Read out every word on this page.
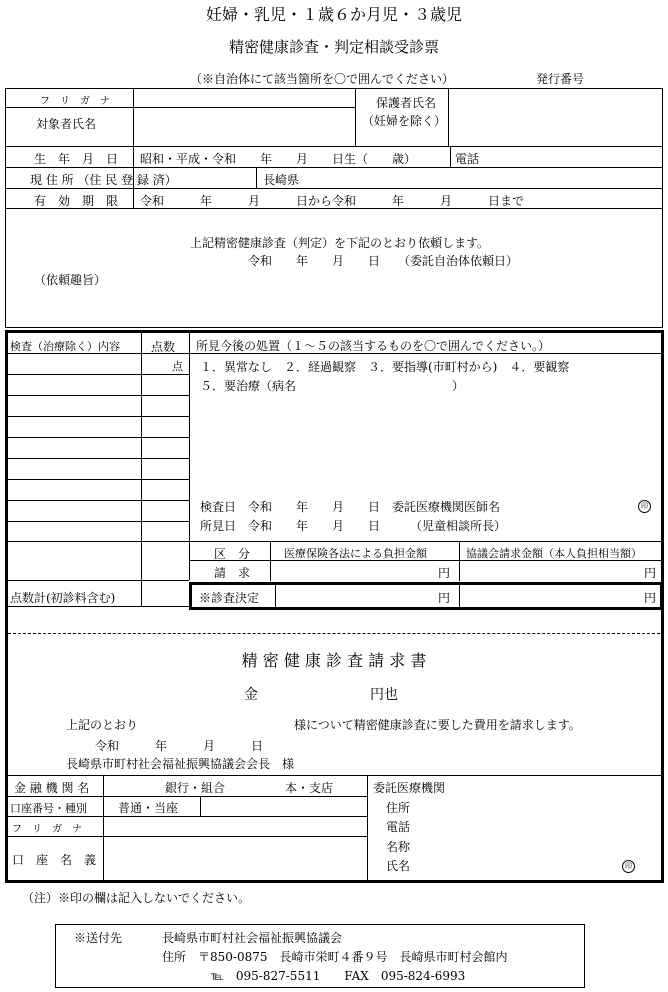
妊婦・乳児・１歳６か月児・３歳児
精密健康診査・判定相談受診票
（※自治体にて該当箇所を〇で囲んでください）	発行番号
フ　リ　ガ　ナ
対象者氏名
保護者氏名
（妊婦を除く）
生　年　月　日 昭和・平成・令和　　年　　月　　日生（　　歳）	電話
現 住 所 （住 民 登 録 済）	長崎県
有　効　期　限 令和　　　年　　　月　　　日から令和　　　年　　　月　　　日まで
上記精密健康診査（判定）を下記のとおり依頼します。
令和　　年　　月　　日　　（委託自治体依頼日）
（依頼趣旨）
検査（治療除く）内容	点数 所見今後の処置（１～５の該当するものを〇で囲んでください。）
点 １．異常なし　２．経過観察　３．要指導(市町村から)　４．要観察
５．要治療（病名　　　　　　　　　　　　　）
検査日　令和　　年　　月　　日　委託医療機関医師名	印
所見日　令和　　年　　月　　日　　　（児童相談所長）
区　分	医療保険各法による負担金額	協議会請求金額（本人負担相当額）
請　求	円	円
点数計(初診料含む)	※診査決定	円	円
精 密 健 康 診 査 請 求 書
金　　　　　　　　円也
上記のとおり　　　　　　　　　　　　　様について精密健康診査に要した費用を請求します。
令和　　　年　　　月　　　日
長崎県市町村社会福祉振興協議会会長　様
金 融 機 関 名	銀行・組合　　　　　本・支店
口座番号・種別	普通・当座
フ　リ　ガ　ナ
口　座　名　義
委託医療機関
住所
電話
名称
氏名	印
（注）※印の欄は記入しないでください。
※送付先	長崎県市町村社会福祉振興協議会
住所　〒850-0875　長崎市栄町４番９号　長崎県市町村会館内
℡　095-827-5511　　FAX　095-824-6993
